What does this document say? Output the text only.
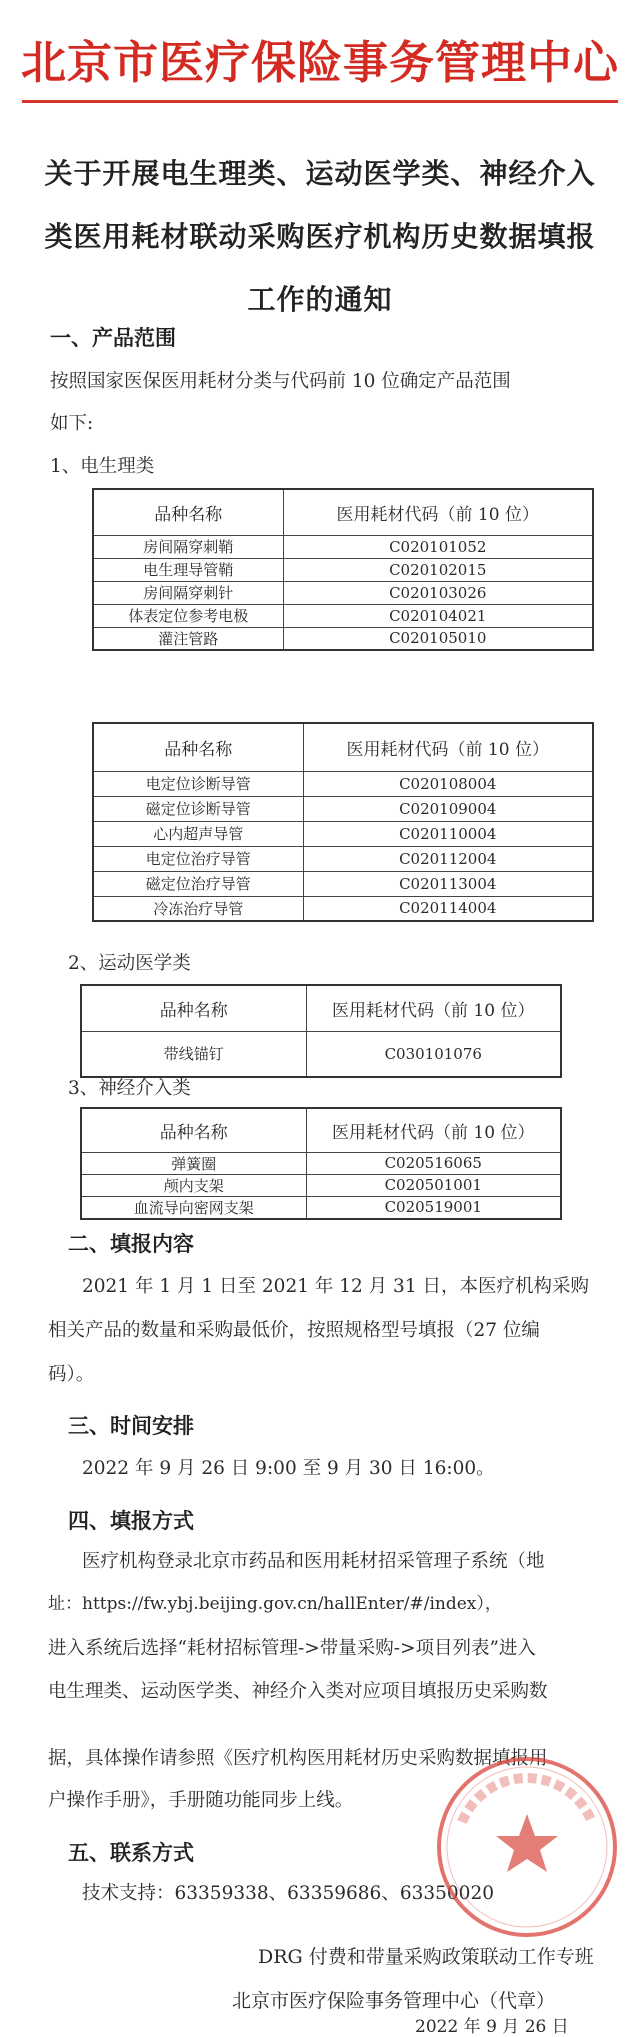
北京市医疗保险事务管理中心
关于开展电生理类、运动医学类、神经介入
类医用耗材联动采购医疗机构历史数据填报
工作的通知
一、产品范围
按照国家医保医用耗材分类与代码前 10 位确定产品范围
如下:
1、电生理类
品种名称	医用耗材代码（前 10 位）
房间隔穿刺鞘	C020101052
电生理导管鞘	C020102015
房间隔穿刺针	C020103026
体表定位参考电极	C020104021
灌注管路	C020105010
品种名称	医用耗材代码（前 10 位）
电定位诊断导管	C020108004
磁定位诊断导管	C020109004
心内超声导管	C020110004
电定位治疗导管	C020112004
磁定位治疗导管	C020113004
冷冻治疗导管	C020114004
2、运动医学类
品种名称	医用耗材代码（前 10 位）
带线锚钉	C030101076
3、神经介入类
品种名称	医用耗材代码（前 10 位）
弹簧圈	C020516065
颅内支架	C020501001
血流导向密网支架	C020519001
二、填报内容
2021 年 1 月 1 日至 2021 年 12 月 31 日，本医疗机构采购
相关产品的数量和采购最低价，按照规格型号填报（27 位编
码）。
三、时间安排
2022 年 9 月 26 日 9:00 至 9 月 30 日 16:00。
四、填报方式
医疗机构登录北京市药品和医用耗材招采管理子系统（地
址：https://fw.ybj.beijing.gov.cn/hallEnter/#/index），
进入系统后选择“耗材招标管理->带量采购->项目列表”进入
电生理类、运动医学类、神经介入类对应项目填报历史采购数
据，具体操作请参照《医疗机构医用耗材历史采购数据填报用
户操作手册》，手册随功能同步上线。
五、联系方式
技术支持：63359338、63359686、63350020
DRG 付费和带量采购政策联动工作专班
北京市医疗保险事务管理中心（代章）
2022 年 9 月 26 日
